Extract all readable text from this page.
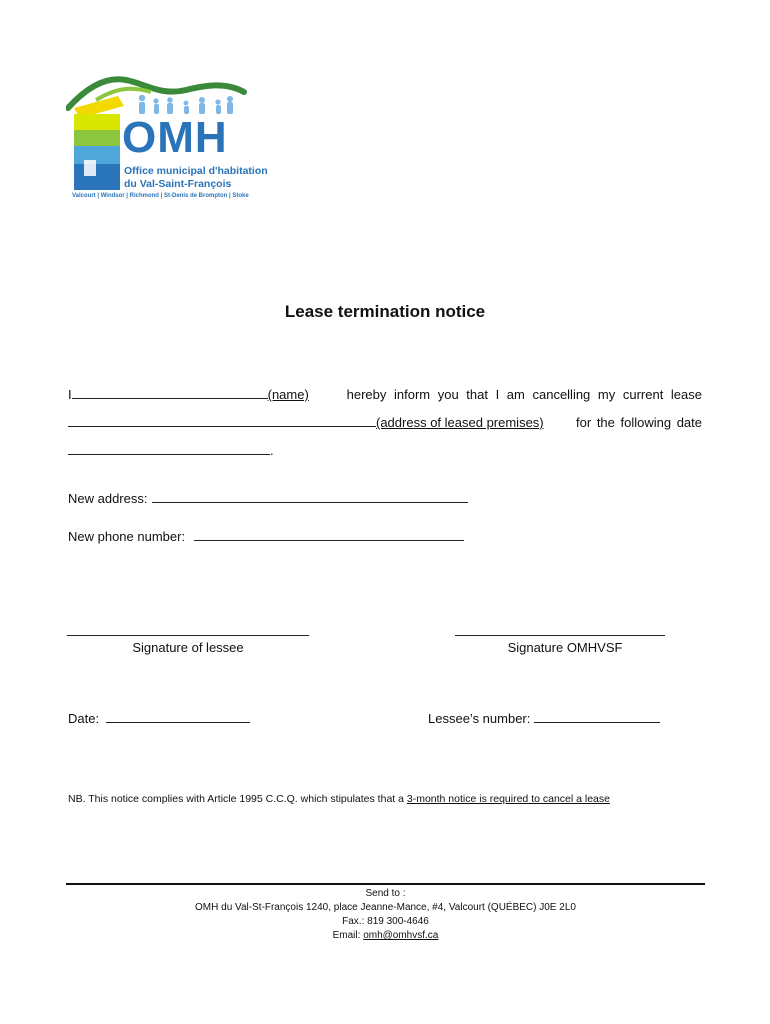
OMH
Office municipal d'habitation
du Val-Saint-François
Valcourt | Windsor | Richmond | St-Denis de Brompton | Stoke
Lease termination notice
I	(name)	hereby inform you that I am cancelling my current lease
(address of leased premises) for the following date
.
New address:
New phone number:
Signature of lessee	Signature OMHVSF
Date:	Lessee’s number:
NB. This notice complies with Article 1995 C.C.Q. which stipulates that a 3-month notice is required to cancel a lease
Send to :
OMH du Val-St-François 1240, place Jeanne-Mance, #4, Valcourt (QUÉBEC) J0E 2L0
Fax.: 819 300-4646
Email: omh@omhvsf.ca
